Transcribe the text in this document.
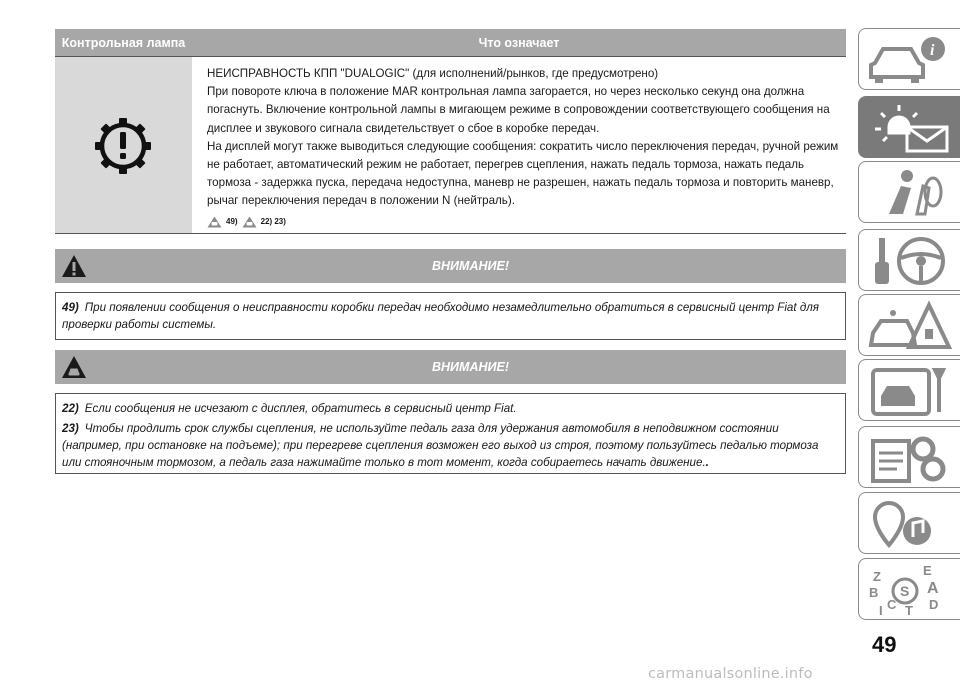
Контрольная лампа	Что означает
НЕИСПРАВНОСТЬ КПП "DUALOGIC" (для исполнений/рынков, где предусмотрено)
При повороте ключа в положение MAR контрольная лампа загорается, но через несколько секунд она должна погаснуть. Включение контрольной лампы в мигающем режиме в сопровождении соответствующего сообщения на дисплее и звукового сигнала свидетельствует о сбое в коробке передач.
На дисплей могут также выводиться следующие сообщения: сократить число переключения передач, ручной режим не работает, автоматический режим не работает, перегрев сцепления, нажать педаль тормоза, нажать педаль тормоза - задержка пуска, передача недоступна, маневр не разрешен, нажать педаль тормоза и повторить маневр, рычаг переключения передач в положении N (нейтраль).
49)	22) 23)
ВНИМАНИЕ!

49) При появлении сообщения о неисправности коробки передач необходимо незамедлительно обратиться в сервисный центр Fiat для проверки работы системы.

ВНИМАНИЕ!

22) Если сообщения не исчезают с дисплея, обратитесь в сервисный центр Fiat.

23) Чтобы продлить срок службы сцепления, не используйте педаль газа для удержания автомобиля в неподвижном состоянии (например, при остановке на подъеме); при перегреве сцепления возможен его выход из строя, поэтому пользуйтесь педалью тормоза или стояночным тормозом, а педаль газа нажимайте только в тот момент, когда собираетесь начать движение..

i
Z	E
B	A
C T
I	D
S
49
carmanualsonline.info
